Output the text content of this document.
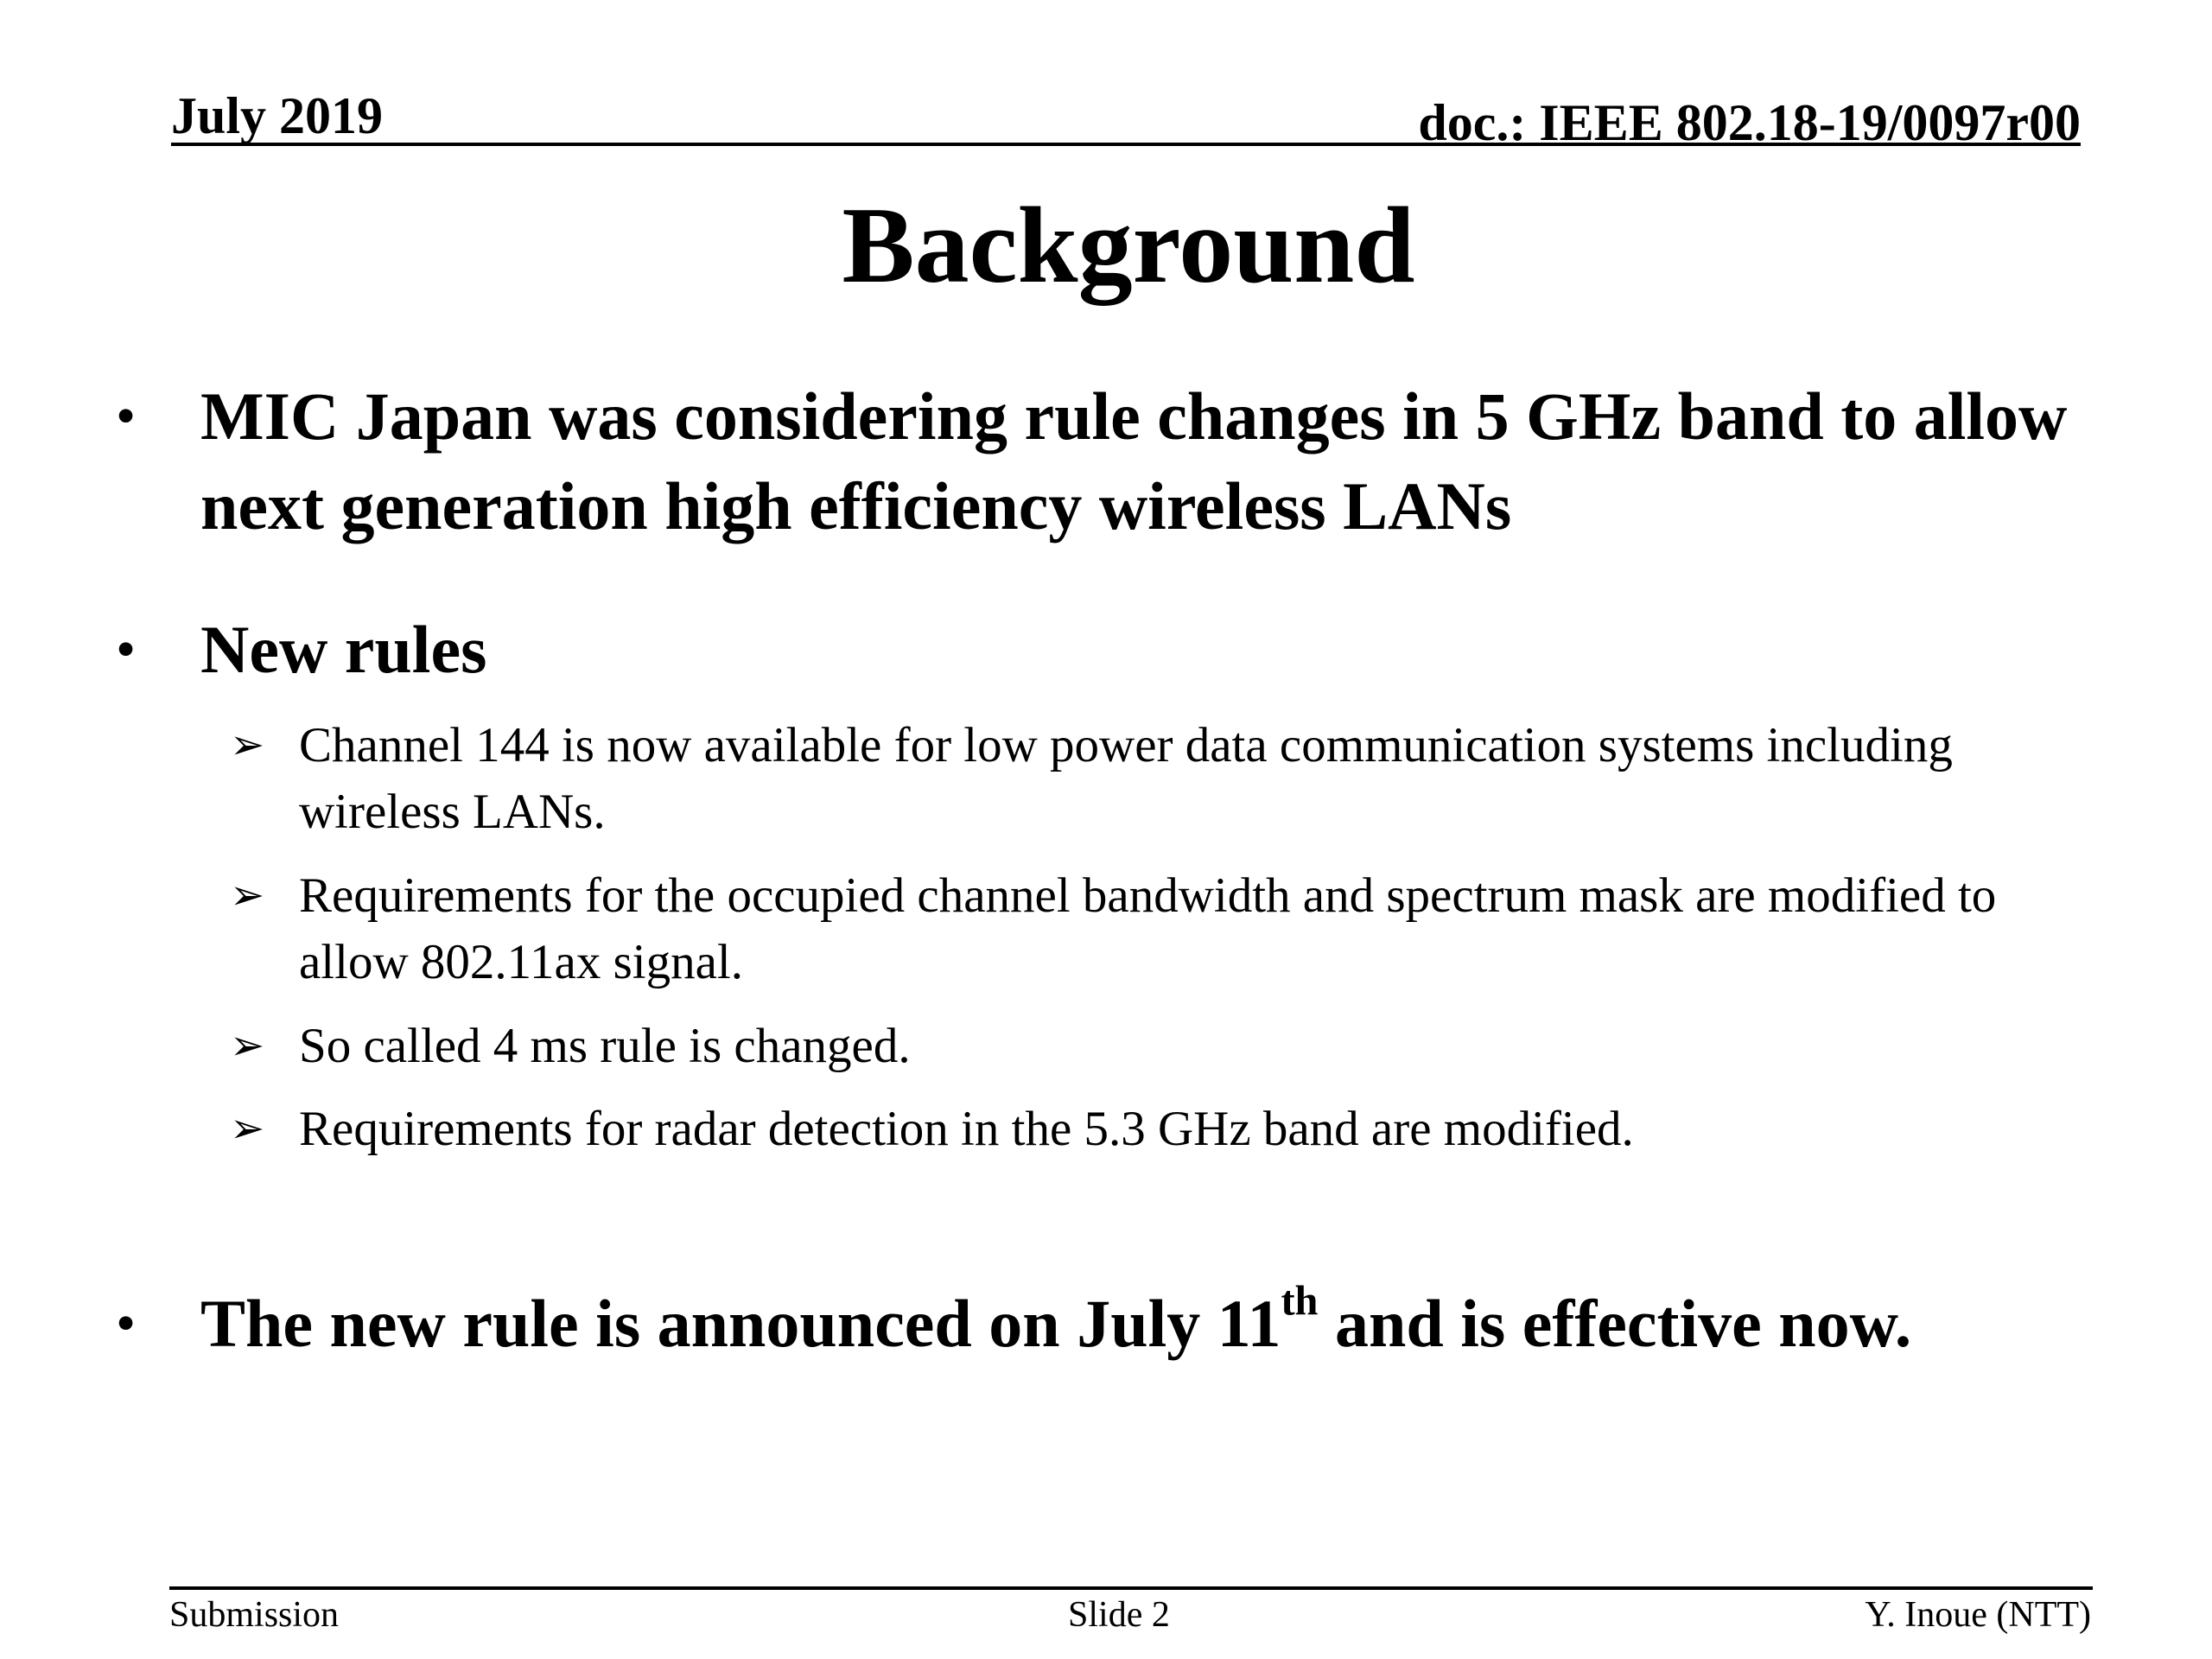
July 2019	doc.: IEEE 802.18-19/0097r00
Background
• MIC Japan was considering rule changes in 5 GHz band to allow next generation high efficiency wireless LANs
• New rules
➢ Channel 144 is now available for low power data communication systems including wireless LANs.
➢ Requirements for the occupied channel bandwidth and spectrum mask are modified to allow 802.11ax signal.
➢ So called 4 ms rule is changed.
➢ Requirements for radar detection in the 5.3 GHz band are modified.
• The new rule is announced on July 11th and is effective now.
Submission	Slide 2	Y. Inoue (NTT)
